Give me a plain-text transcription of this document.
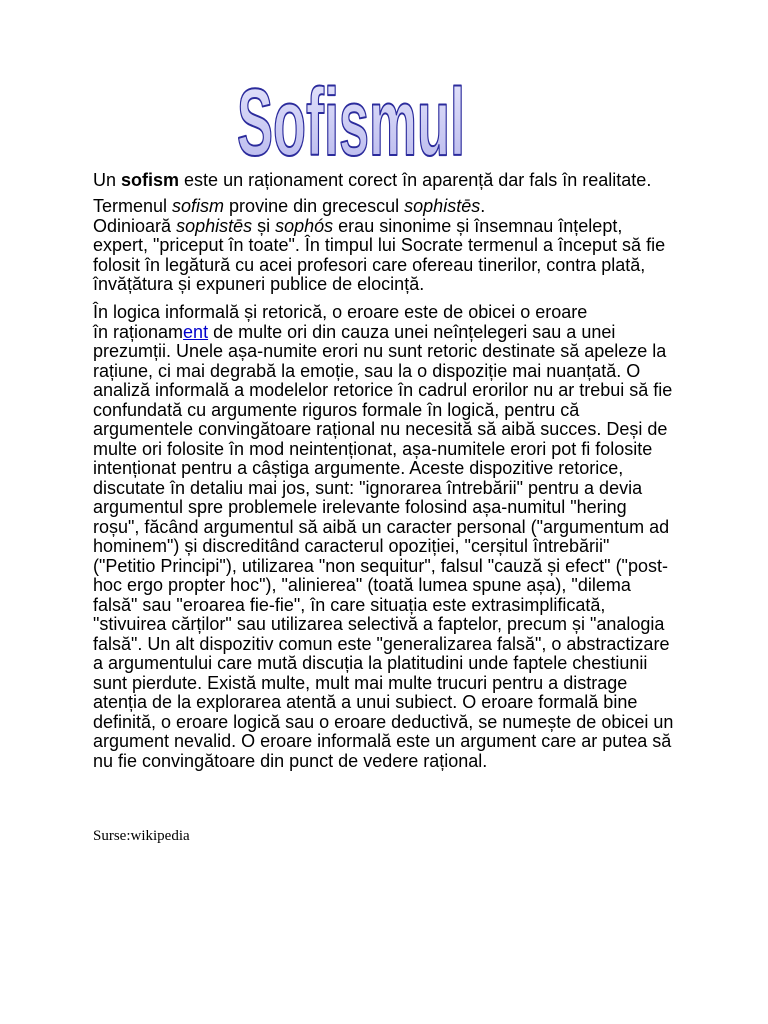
Sofismul
Un sofism este un raționament corect în aparență dar fals în realitate.
Termenul sofism provine din grecescul sophistēs.
Odinioară sophistēs și sophós erau sinonime și însemnau înțelept,
expert, "priceput în toate". În timpul lui Socrate termenul a început să fie
folosit în legătură cu acei profesori care ofereau tinerilor, contra plată,
învățătura și expuneri publice de elocință.
În logica informală și retorică, o eroare este de obicei o eroare
în raționament de multe ori din cauza unei neînțelegeri sau a unei
prezumții. Unele așa-numite erori nu sunt retoric destinate să apeleze la
rațiune, ci mai degrabă la emoție, sau la o dispoziție mai nuanțată. O
analiză informală a modelelor retorice în cadrul erorilor nu ar trebui să fie
confundată cu argumente riguros formale în logică, pentru că
argumentele convingătoare rațional nu necesită să aibă succes. Deși de
multe ori folosite în mod neintenționat, așa-numitele erori pot fi folosite
intenționat pentru a câștiga argumente. Aceste dispozitive retorice,
discutate în detaliu mai jos, sunt: "ignorarea întrebării" pentru a devia
argumentul spre problemele irelevante folosind așa-numitul "hering
roșu", făcând argumentul să aibă un caracter personal ("argumentum ad
hominem") și discreditând caracterul opoziției, "cerșitul întrebării"
("Petitio Principi"), utilizarea "non sequitur", falsul "cauză și efect" ("post-
hoc ergo propter hoc"), "alinierea" (toată lumea spune așa), "dilema
falsă" sau "eroarea fie-fie", în care situația este extrasimplificată,
"stivuirea cărților" sau utilizarea selectivă a faptelor, precum și "analogia
falsă". Un alt dispozitiv comun este "generalizarea falsă", o abstractizare
a argumentului care mută discuția la platitudini unde faptele chestiunii
sunt pierdute. Există multe, mult mai multe trucuri pentru a distrage
atenția de la explorarea atentă a unui subiect. O eroare formală bine
definită, o eroare logică sau o eroare deductivă, se numește de obicei un
argument nevalid. O eroare informală este un argument care ar putea să
nu fie convingătoare din punct de vedere rațional.
Surse:wikipedia
